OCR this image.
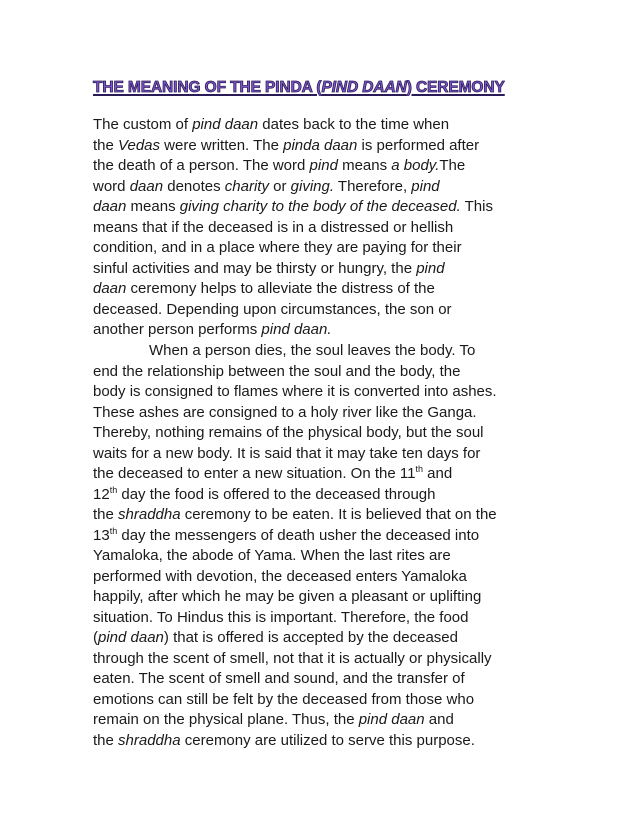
THE MEANING OF THE PINDA (PIND DAAN) CEREMONY

The custom of pind daan dates back to the time when
the Vedas were written. The pinda daan is performed after
the death of a person. The word pind means a body.The
word daan denotes charity or giving. Therefore, pind
daan means giving charity to the body of the deceased. This
means that if the deceased is in a distressed or hellish
condition, and in a place where they are paying for their
sinful activities and may be thirsty or hungry, the pind
daan ceremony helps to alleviate the distress of the
deceased. Depending upon circumstances, the son or
another person performs pind daan.

When a person dies, the soul leaves the body. To
end the relationship between the soul and the body, the
body is consigned to flames where it is converted into ashes.
These ashes are consigned to a holy river like the Ganga.
Thereby, nothing remains of the physical body, but the soul
waits for a new body. It is said that it may take ten days for
the deceased to enter a new situation. On the 11th and
12th day the food is offered to the deceased through
the shraddha ceremony to be eaten. It is believed that on the
13th day the messengers of death usher the deceased into
Yamaloka, the abode of Yama. When the last rites are
performed with devotion, the deceased enters Yamaloka
happily, after which he may be given a pleasant or uplifting
situation. To Hindus this is important. Therefore, the food
(pind daan) that is offered is accepted by the deceased
through the scent of smell, not that it is actually or physically
eaten. The scent of smell and sound, and the transfer of
emotions can still be felt by the deceased from those who
remain on the physical plane. Thus, the pind daan and
the shraddha ceremony are utilized to serve this purpose.
